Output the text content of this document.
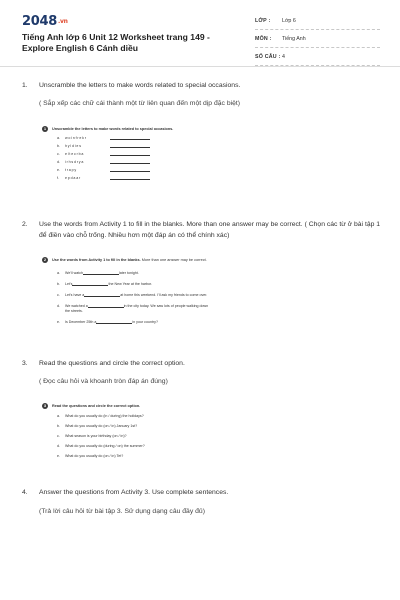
2048.vn
Tiếng Anh lớp 6 Unit 12 Worksheet trang 149 - Explore English 6 Cánh diều
LỚP : Lớp 6
MÔN : Tiếng Anh
SỐ CÂU : 4
1. Unscramble the letters to make words related to special occasions.
( Sắp xếp các chữ cái thành một từ liên quan đến một dịp đặc biệt)
1	Unscramble the letters to make words related to special occasions.
a. woinfrekr
b. hyldies
c. eltecrba
d. irhsdrya
e. trapy
f. epdaar
2. Use the words from Activity 1 to fill in the blanks. More than one answer may be correct. ( Chọn các từ ở bài tập 1 để điền vào chỗ trống. Nhiều hơn một đáp án có thể chính xác)
2	Use the words from Activity 1 to fill in the blanks. More than one answer may be correct.
a. We'll watch	later tonight.
b. Let's	the New Year at the harbor.
c. Let's have a	at home this weekend. I'll ask my friends to come over.
d. We watched a	in the city today. We saw lots of people walking down
the streets.
e. Is December 25th a	in your country?
3. Read the questions and circle the correct option.
( Đọc câu hỏi và khoanh tròn đáp án đúng)
3	Read the questions and circle the correct option.
a. What do you usually do (in / during) the holidays?
b. What do you usually do (on / in) January 1st?
c. What season is your birthday (on / in)?
d. What do you usually do (during / on) the summer?
e. What do you usually do (on / in) Tet?
4. Answer the questions from Activity 3. Use complete sentences.
(Trả lời câu hỏi từ bài tập 3. Sử dụng dạng câu đầy đủ)
